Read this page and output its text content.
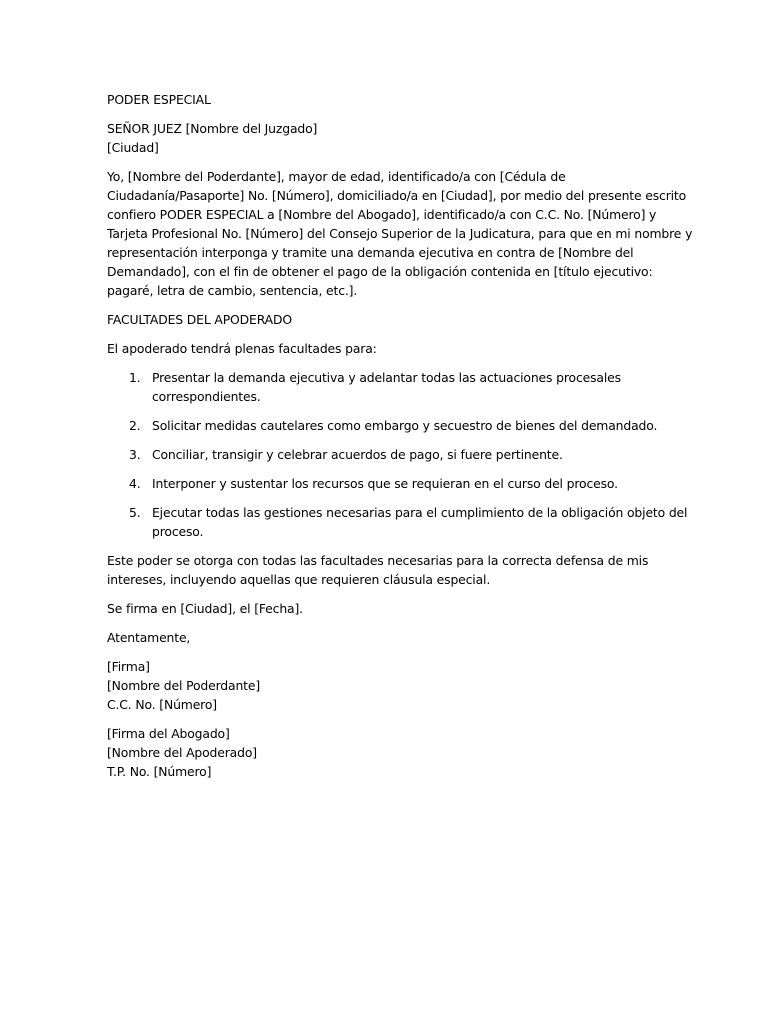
PODER ESPECIAL

SEÑOR JUEZ [Nombre del Juzgado]
[Ciudad]

Yo, [Nombre del Poderdante], mayor de edad, identificado/a con [Cédula de
Ciudadanía/Pasaporte] No. [Número], domiciliado/a en [Ciudad], por medio del presente escrito
confiero PODER ESPECIAL a [Nombre del Abogado], identificado/a con C.C. No. [Número] y
Tarjeta Profesional No. [Número] del Consejo Superior de la Judicatura, para que en mi nombre y
representación interponga y tramite una demanda ejecutiva en contra de [Nombre del
Demandado], con el fin de obtener el pago de la obligación contenida en [título ejecutivo:
pagaré, letra de cambio, sentencia, etc.].

FACULTADES DEL APODERADO

El apoderado tendrá plenas facultades para:

1. Presentar la demanda ejecutiva y adelantar todas las actuaciones procesales
correspondientes.
2. Solicitar medidas cautelares como embargo y secuestro de bienes del demandado.
3. Conciliar, transigir y celebrar acuerdos de pago, si fuere pertinente.
4. Interponer y sustentar los recursos que se requieran en el curso del proceso.
5. Ejecutar todas las gestiones necesarias para el cumplimiento de la obligación objeto del
proceso.

Este poder se otorga con todas las facultades necesarias para la correcta defensa de mis
intereses, incluyendo aquellas que requieren cláusula especial.

Se firma en [Ciudad], el [Fecha].

Atentamente,

[Firma]
[Nombre del Poderdante]
C.C. No. [Número]

[Firma del Abogado]
[Nombre del Apoderado]
T.P. No. [Número]
